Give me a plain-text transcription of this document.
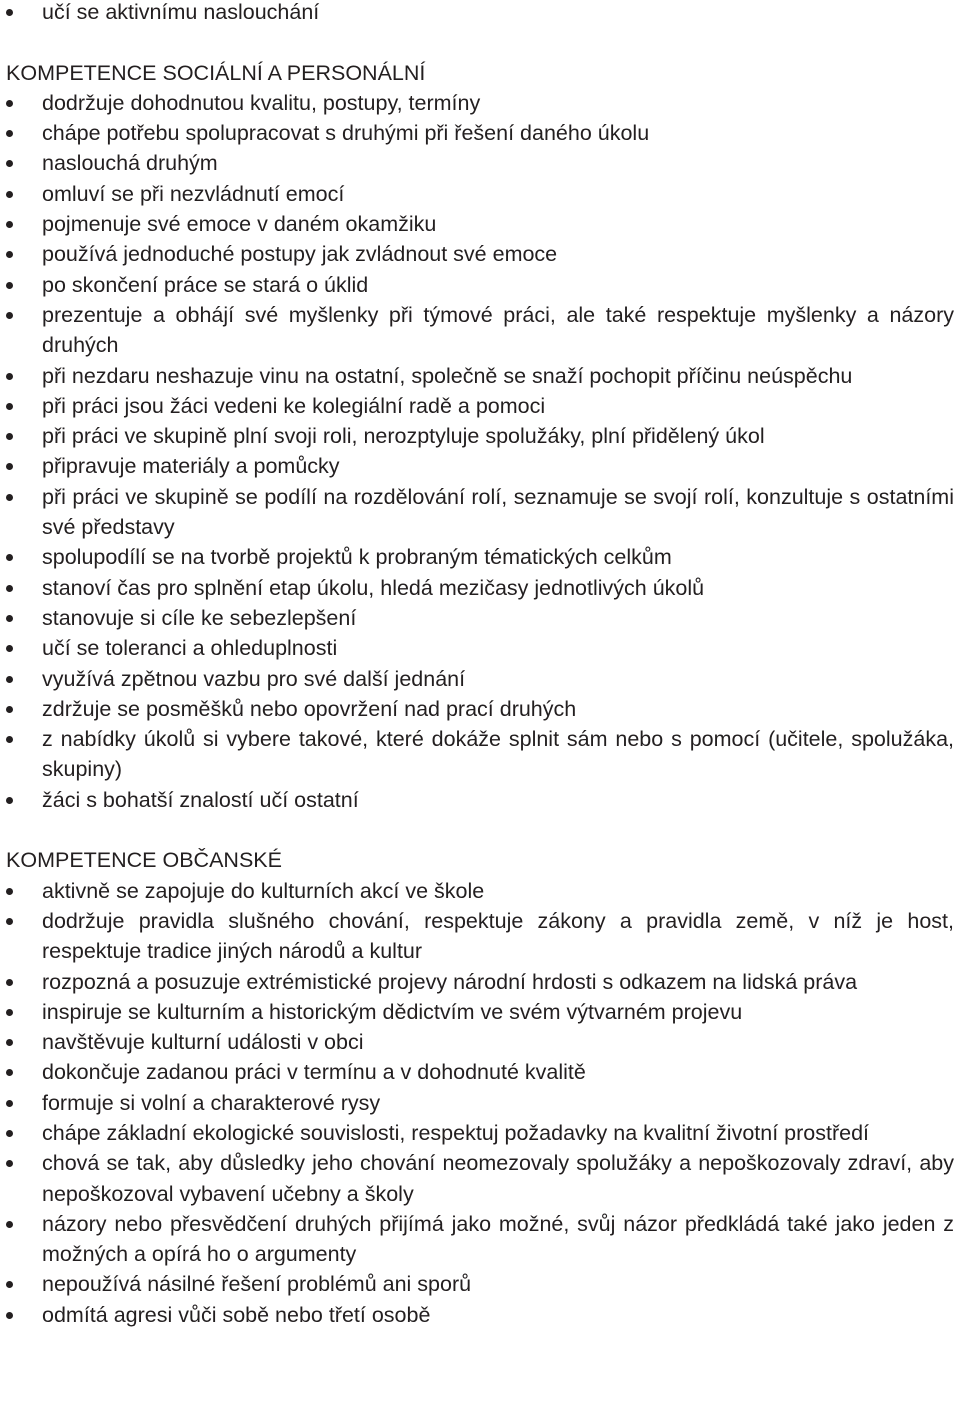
učí se aktivnímu naslouchání
KOMPETENCE SOCIÁLNÍ A PERSONÁLNÍ
dodržuje dohodnutou kvalitu, postupy, termíny
chápe potřebu spolupracovat s druhými při řešení daného úkolu
naslouchá druhým
omluví se při nezvládnutí emocí
pojmenuje své emoce v daném okamžiku
používá jednoduché postupy jak zvládnout své emoce
po skončení práce se stará o úklid
prezentuje a obhájí své myšlenky při týmové práci, ale také respektuje myšlenky a názory druhých
při nezdaru neshazuje vinu na ostatní, společně se snaží pochopit příčinu neúspěchu
při práci jsou žáci vedeni ke kolegiální radě a pomoci
při práci ve skupině plní svoji roli, nerozptyluje spolužáky, plní přidělený úkol
připravuje materiály a pomůcky
při práci ve skupině se podílí na rozdělování rolí, seznamuje se svojí rolí, konzultuje s ostatními své představy
spolupodílí se na tvorbě projektů k probraným tématických celkům
stanoví čas pro splnění etap úkolu, hledá mezičasy jednotlivých úkolů
stanovuje si cíle ke sebezlepšení
učí se toleranci a ohleduplnosti
využívá zpětnou vazbu pro své další jednání
zdržuje se posměšků nebo opovržení nad prací druhých
z nabídky úkolů si vybere takové, které dokáže splnit sám nebo s pomocí (učitele, spolužáka, skupiny)
žáci s bohatší znalostí učí ostatní
KOMPETENCE OBČANSKÉ
aktivně se zapojuje do kulturních akcí ve škole
dodržuje pravidla slušného chování, respektuje zákony a pravidla země, v níž je host, respektuje tradice jiných národů a kultur
rozpozná a posuzuje extrémistické projevy národní hrdosti s odkazem na lidská práva
inspiruje se kulturním a historickým dědictvím ve svém výtvarném projevu
navštěvuje kulturní události v obci
dokončuje zadanou práci v termínu a v dohodnuté kvalitě
formuje si volní a charakterové rysy
chápe základní ekologické souvislosti, respektuj požadavky na kvalitní životní prostředí
chová se tak, aby důsledky jeho chování neomezovaly spolužáky a nepoškozovaly zdraví, aby nepoškozoval vybavení učebny a školy
názory nebo přesvědčení druhých přijímá jako možné, svůj názor předkládá také jako jeden z možných a opírá ho o argumenty
nepoužívá násilné řešení problémů ani sporů
odmítá agresi vůči sobě nebo třetí osobě
